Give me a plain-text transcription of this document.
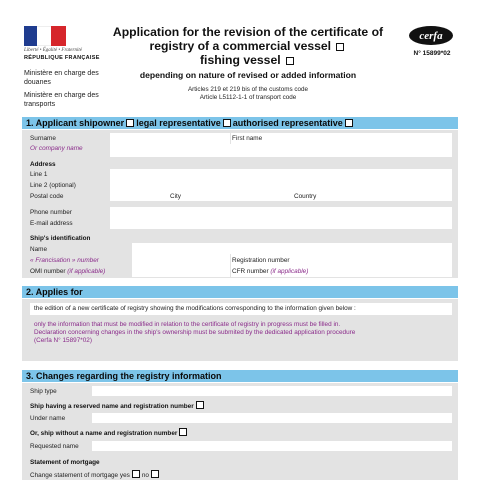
Liberté • Égalité • Fraternité
RÉPUBLIQUE FRANÇAISE
Ministère en charge des douanes
Ministère en charge des transports
Application for the revision of the certificate of
registry of a commercial vessel
fishing vessel
depending on nature of revised or added information
Articles 219 et 219 bis of the customs code
Article L5112-1-1 of transport code
cerfa
N° 15899*02
1. Applicant shipowner legal representative authorised representative
Surname
Or company name
First name
Address
Line 1
Line 2 (optional)
Postal code	City	Country
Phone number
E-mail address
Ship's identification
Name
« Francisation » number
OMI number (if applicable)
Registration number
CFR number (if applicable)
2. Applies for
the edition of a new certificate of registry showing the modifications corresponding to the information given below :
only the information that must be modified in relation to the certificate of registry in progress must be filled in.
Declaration concerning changes in the ship's ownership must be submited by the dedicated application procedure
(Cerfa N° 15897*02)
3. Changes regarding the registry information
Ship type
Ship having a reserved name and registration number
Under name
Or, ship without a name and registration number
Requested name
Statement of mortgage
Change statement of mortgage yes no
